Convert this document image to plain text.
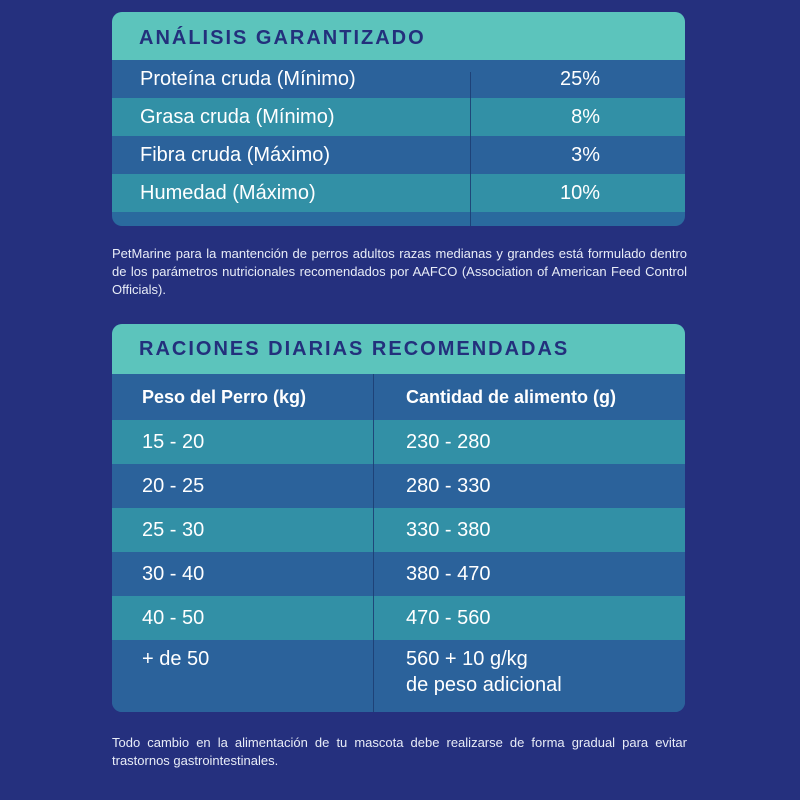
ANÁLISIS GARANTIZADO
Proteína cruda (Mínimo)	25%
Grasa cruda (Mínimo)	8%
Fibra cruda (Máximo)	3%
Humedad (Máximo)	10%

PetMarine para la mantención de perros adultos razas medianas y grandes está formulado dentro de los parámetros nutricionales recomendados por AAFCO (Association of American Feed Control Officials).

RACIONES DIARIAS RECOMENDADAS
Peso del Perro (kg)	Cantidad de alimento (g)
15 - 20	230 - 280
20 - 25	280 - 330
25 - 30	330 - 380
30 - 40	380 - 470
40 - 50	470 - 560
+ de 50	560 + 10 g/kg
de peso adicional

Todo cambio en la alimentación de tu mascota debe realizarse de forma gradual para evitar trastornos gastrointestinales.
